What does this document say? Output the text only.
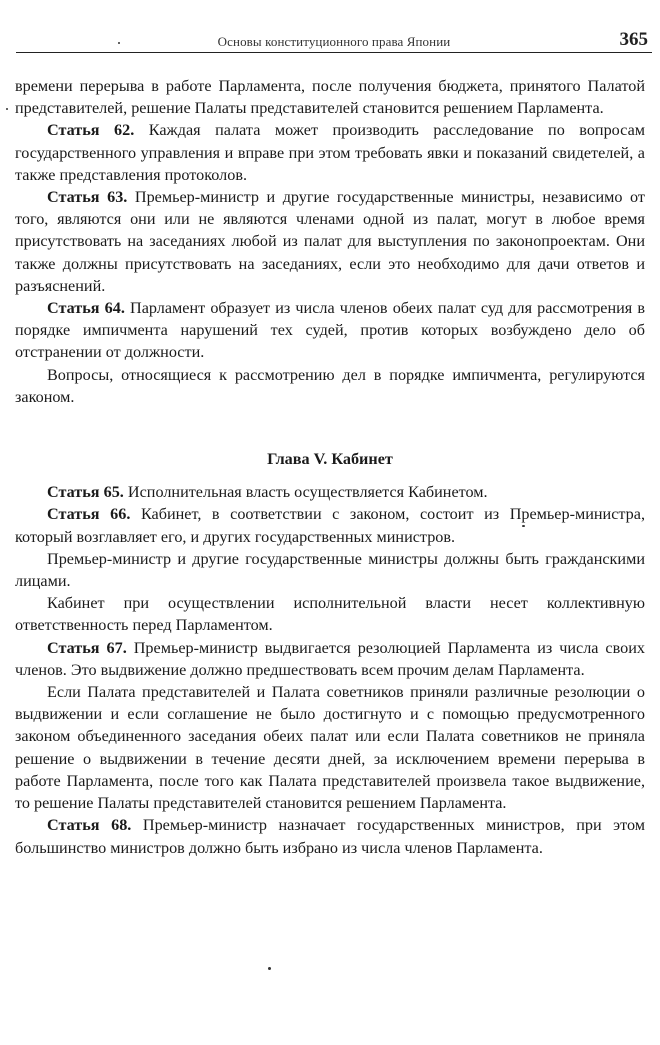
Основы конституционного права Японии	365

времени перерыва в работе Парламента, после получения бюджета, принятого Палатой представителей, решение Палаты представителей становится решением Парламента.

Статья 62. Каждая палата может производить расследование по вопросам государственного управления и вправе при этом требовать явки и показаний свидетелей, а также представления протоколов.

Статья 63. Премьер-министр и другие государственные министры, независимо от того, являются они или не являются членами одной из палат, могут в любое время присутствовать на заседаниях любой из палат для выступления по законопроектам. Они также должны присутствовать на заседаниях, если это необходимо для дачи ответов и разъяснений.

Статья 64. Парламент образует из числа членов обеих палат суд для рассмотрения в порядке импичмента нарушений тех судей, против которых возбуждено дело об отстранении от должности.

Вопросы, относящиеся к рассмотрению дел в порядке импичмента, регулируются законом.

Глава V. Кабинет

Статья 65. Исполнительная власть осуществляется Кабинетом.

Статья 66. Кабинет, в соответствии с законом, состоит из Премьер-министра, который возглавляет его, и других государственных министров.

Премьер-министр и другие государственные министры должны быть гражданскими лицами.

Кабинет при осуществлении исполнительной власти несет коллективную ответственность перед Парламентом.

Статья 67. Премьер-министр выдвигается резолюцией Парламента из числа своих членов. Это выдвижение должно предшествовать всем прочим делам Парламента.

Если Палата представителей и Палата советников приняли различные резолюции о выдвижении и если соглашение не было достигнуто и с помощью предусмотренного законом объединенного заседания обеих палат или если Палата советников не приняла решение о выдвижении в течение десяти дней, за исключением времени перерыва в работе Парламента, после того как Палата представителей произвела такое выдвижение, то решение Палаты представителей становится решением Парламента.

Статья 68. Премьер-министр назначает государственных министров, при этом большинство министров должно быть избрано из числа членов Парламента.
